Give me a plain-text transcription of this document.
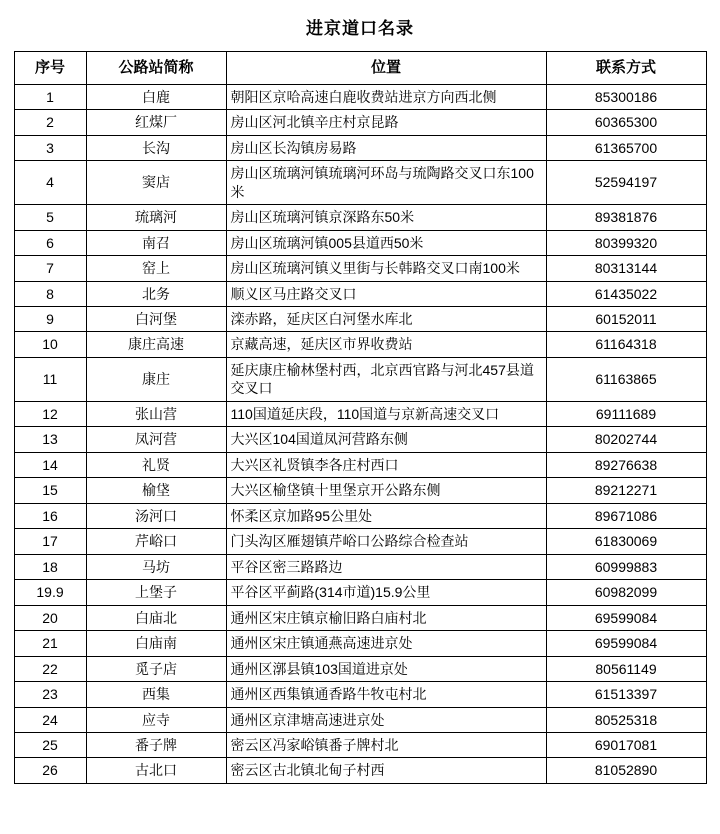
进京道口名录
序号	公路站简称	位置	联系方式
1	白鹿	朝阳区京哈高速白鹿收费站进京方向西北侧	85300186
2	红煤厂	房山区河北镇辛庄村京昆路	60365300
3	长沟	房山区长沟镇房易路	61365700
4	窦店	房山区琉璃河镇琉璃河环岛与琉陶路交叉口东100米	52594197
5	琉璃河	房山区琉璃河镇京深路东50米	89381876
6	南召	房山区琉璃河镇005县道西50米	80399320
7	窑上	房山区琉璃河镇义里街与长韩路交叉口南100米	80313144
8	北务	顺义区马庄路交叉口	61435022
9	白河堡	滦赤路，延庆区白河堡水库北	60152011
10	康庄高速	京藏高速，延庆区市界收费站	61164318
11	康庄	延庆康庄榆林堡村西，北京西官路与河北457县道交叉口	61163865
12	张山营	110国道延庆段，110国道与京新高速交叉口	69111689
13	凤河营	大兴区104国道凤河营路东侧	80202744
14	礼贤	大兴区礼贤镇李各庄村西口	89276638
15	榆垡	大兴区榆垡镇十里堡京开公路东侧	89212271
16	汤河口	怀柔区京加路95公里处	89671086
17	芹峪口	门头沟区雁翅镇芹峪口公路综合检查站	61830069
18	马坊	平谷区密三路路边	60999883
19.9	上堡子	平谷区平蓟路(314市道)15.9公里	60982099
20	白庙北	通州区宋庄镇京榆旧路白庙村北	69599084
21	白庙南	通州区宋庄镇通燕高速进京处	69599084
22	觅子店	通州区漷县镇103国道进京处	80561149
23	西集	通州区西集镇通香路牛牧屯村北	61513397
24	应寺	通州区京津塘高速进京处	80525318
25	番子牌	密云区冯家峪镇番子牌村北	69017081
26	古北口	密云区古北镇北甸子村西	81052890
